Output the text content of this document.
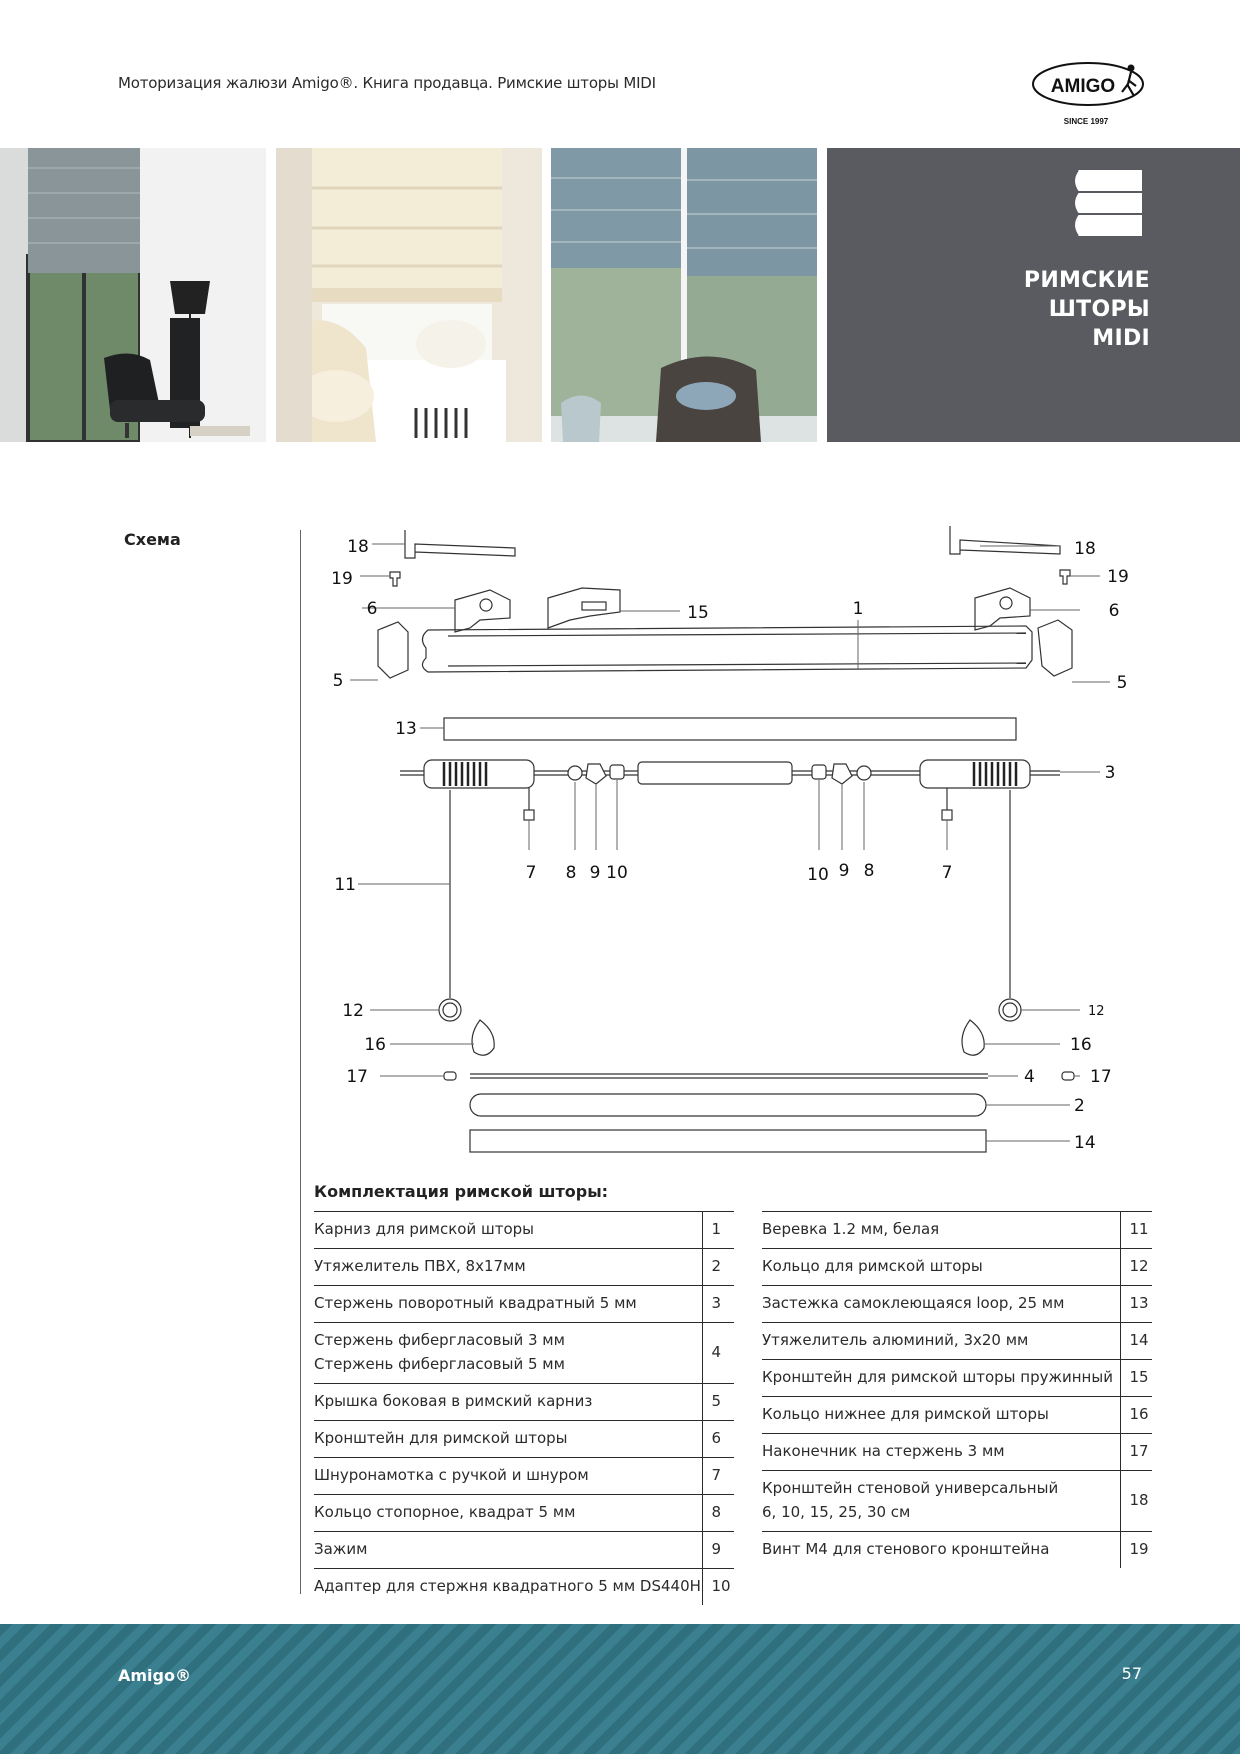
Моторизация жалюзи Amigo®. Книга продавца. Римские шторы MIDI	AMIGO
SINCE 1997
РИМСКИЕ
ШТОРЫ
MIDI
Схема	18
19
6	15	1	6
18
19
5	5
13
3
7 8 9 10	10 9 8	7
11
12	12
16	16
17	17
4
2
14
Комплектация римской шторы:
Карниз для римской шторы	1
Утяжелитель ПВХ, 8х17мм	2
Стержень поворотный квадратный 5 мм	3

Стержень фибергласовый 3 мм
Стержень фибергласовый 5 мм	4
Крышка боковая в римский карниз	5
Кронштейн для римской шторы	6
Шнуронамотка с ручкой и шнуром	7
Кольцо стопорное, квадрат 5 мм	8
Зажим	9
Адаптер для стержня квадратного 5 мм DS440H	10
Веревка 1.2 мм, белая	11
Кольцо для римской шторы	12
Застежка самоклеющаяся loop, 25 мм	13
Утяжелитель алюминий, 3х20 мм	14
Кронштейн для римской шторы пружинный	15
Кольцо нижнее для римской шторы	16
Наконечник на стержень 3 мм	17

Кронштейн стеновой универсальный
6, 10, 15, 25, 30 см	18
Винт М4 для стенового кронштейна	19
Amigo®	57
